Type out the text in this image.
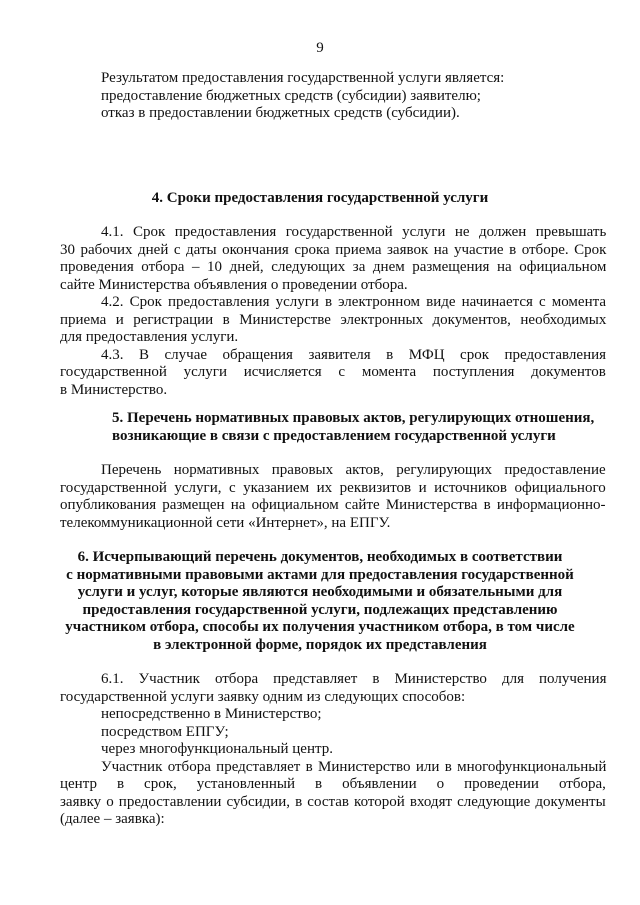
9
Результатом предоставления государственной услуги является:
предоставление бюджетных средств (субсидии) заявителю;
отказ в предоставлении бюджетных средств (субсидии).
4. Сроки предоставления государственной услуги
4.1. Срок предоставления государственной услуги не должен превышать
30 рабочих дней с даты окончания срока приема заявок на участие в отборе. Срок
проведения отбора – 10 дней, следующих за днем размещения на официальном
сайте Министерства объявления о проведении отбора.
4.2. Срок предоставления услуги в электронном виде начинается с момента
приема и регистрации в Министерстве электронных документов, необходимых
для предоставления услуги.
4.3. В случае обращения заявителя в МФЦ срок предоставления
государственной услуги исчисляется с момента поступления документов
в Министерство.
5. Перечень нормативных правовых актов, регулирующих отношения,
возникающие в связи с предоставлением государственной услуги
Перечень нормативных правовых актов, регулирующих предоставление
государственной услуги, с указанием их реквизитов и источников официального
опубликования размещен на официальном сайте Министерства в информационно-
телекоммуникационной сети «Интернет», на ЕПГУ.
6. Исчерпывающий перечень документов, необходимых в соответствии
с нормативными правовыми актами для предоставления государственной
услуги и услуг, которые являются необходимыми и обязательными для
предоставления государственной услуги, подлежащих представлению
участником отбора, способы их получения участником отбора, в том числе
в электронной форме, порядок их представления
6.1. Участник отбора представляет в Министерство для получения
государственной услуги заявку одним из следующих способов:
непосредственно в Министерство;
посредством ЕПГУ;
через многофункциональный центр.
Участник отбора представляет в Министерство или в многофункциональный
центр в срок, установленный в объявлении о проведении отбора,
заявку о предоставлении субсидии, в состав которой входят следующие документы
(далее – заявка):
